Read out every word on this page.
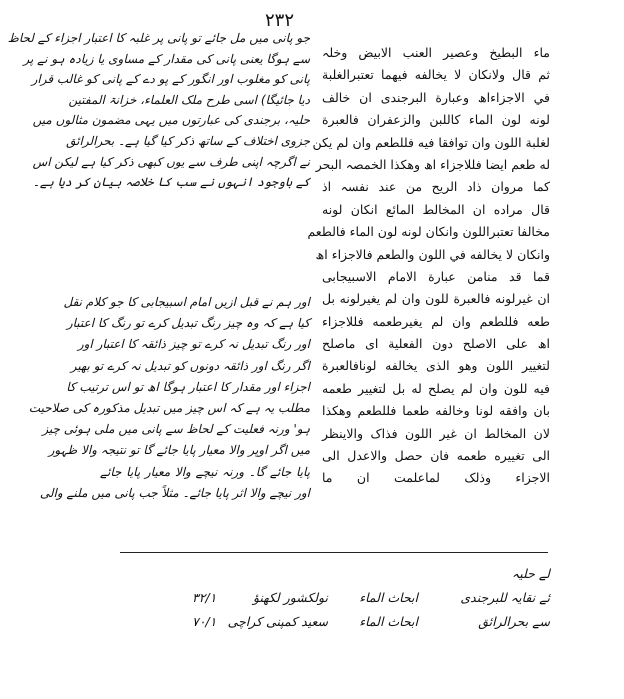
۲۳۲
ماء البطيخ وعصير العنب الابيض وخلہ
ثم قال ولانکان لا يخالفه فيهما تعتبرالغلبة
في الاجزاءاھ وعبارة البرجندی ان خالف
لونه لون الماء کاللبن والزعفران فالعبرة
لغلبة اللون وان توافقا فيه فللطعم وان لم يکن
له طعم ايضا فللاجزاء اھ وهکذا الخمصہ البحر
کما مروان ذاد الريح من عند نفسہ اذ
قال مراده ان المخالط المائع انکان لونه
مخالفا تعتبراللون وانکان لونه لون الماء فالطعم
وانکان لا يخالفه في اللون والطعم فالاجزاء اھ
قما قد منامن عبارة الامام الاسبيجابی
ان غيرلونه فالعبرة للون وان لم يغيرلونه بل
طعه فللطعم وان لم يغيرطعمه فللاجزاء
اھ على الاصلح دون الفعلية ای ماصلح
لتغيير اللون وهو الذی يخالفه لونافالعبرة
فيه للون وان لم يصلح له بل لتغيير طعمه
بان وافقه لونا وخالفه طعما فللطعم وهکذا
لان المخالط ان غير اللون فذاک والاينظر
الی تغييره طعمه فان حصل والاعدل الی
الاجزاء وذلک لماعلمت ان ما
جو پانی میں مل جائے تو پانی پر غلبہ کا اعتبار اجزاء کے لحاظ
سے ہوگا یعنی پانی کی مقدار کے مساوی یا زیادہ ہو نے پر
پانی کو مغلوب اور انگور کے پو دے کے پانی کو غالب قرار
دیا جائیگا) اسی طرح ملک العلماء، خزانۃ المفتین
حلیہ، برجندی کی عبارتوں میں یہی مضمون مثالوں میں
جزوی اختلاف کے ساتھ ذکر کیا گیا ہے۔ بحرالرائق
نے اگرچہ اپنی طرف سے یوں کبھی ذکر کیا ہے لیکن اس
کے باوجود انہوں نے سب کا خلاصہ بیان کر دیا ہے۔
اور ہم نے قبل ازیں امام اسبیجابی کا جو کلام نقل
کیا ہے کہ وہ چیز رنگ تبدیل کرے تو رنگ کا اعتبار
اور رنگ تبدیل نہ کرے تو چیز ذائقہ کا اعتبار اور
اگر رنگ اور ذائقہ دونوں کو تبدیل نہ کرے تو بھیر
اجزاء اور مقدار کا اعتبار ہوگا اھ تو اس ترتیب کا
مطلب یہ ہے کہ اس چیز میں تبدیل مذکورہ کی صلاحیت
ہو' ورنہ فعلیت کے لحاظ سے پانی میں ملی ہوئی چیز
میں اگر اوپر والا معیار پایا جائے گا تو نتیجہ والا ظہور
پایا جائے گا۔ ورنہ نیچے والا معیار پایا جائے
اور نیچے والا اثر پایا جائے۔ مثلاً جب پانی میں ملنے والی
لے حلیہ
ئے نقایہ للبرجندی
ابحاث الماء
نولکشور لکھنؤ
۳۲/۱
سے بحرالرائق
ابحاث الماء
سعید کمپنی کراچی
۷۰/۱
